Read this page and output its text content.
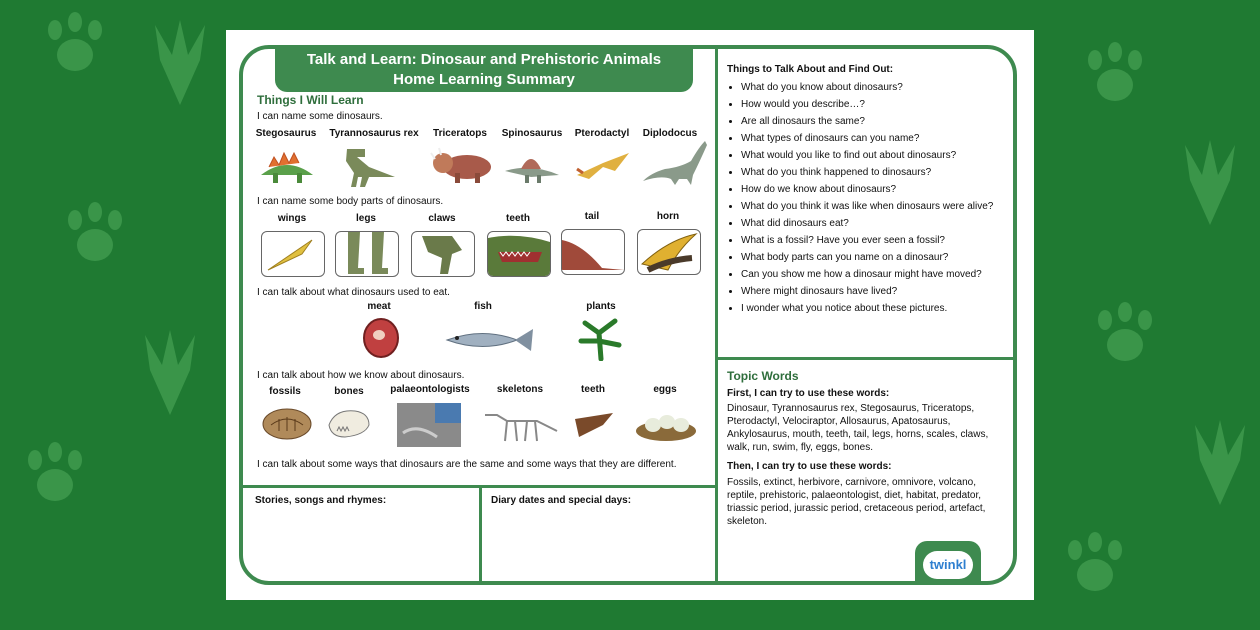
Talk and Learn: Dinosaur and Prehistoric Animals
Home Learning Summary
Things I Will Learn
I can name some dinosaurs.
Stegosaurus	Tyrannosaurus rex	Triceratops	Spinosaurus	Pterodactyl	Diplodocus
I can name some body parts of dinosaurs.
wings	legs	claws	teeth	tail	horn
I can talk about what dinosaurs used to eat.
meat	fish	plants
I can talk about how we know about dinosaurs.
fossils	bones	palaeontologists	skeletons	teeth	eggs
I can talk about some ways that dinosaurs are the same and some ways that they are different.
Stories, songs and rhymes:	Diary dates and special days:
Things to Talk About and Find Out:
• What do you know about dinosaurs?
• How would you describe…?
• Are all dinosaurs the same?
• What types of dinosaurs can you name?
• What would you like to find out about dinosaurs?
• What do you think happened to dinosaurs?
• How do we know about dinosaurs?
• What do you think it was like when dinosaurs were alive?
• What did dinosaurs eat?
• What is a fossil? Have you ever seen a fossil?
• What body parts can you name on a dinosaur?
• Can you show me how a dinosaur might have moved?
• Where might dinosaurs have lived?
• I wonder what you notice about these pictures.
Topic Words
First, I can try to use these words:
Dinosaur, Tyrannosaurus rex, Stegosaurus, Triceratops, Pterodactyl, Velociraptor, Allosaurus, Apatosaurus, Ankylosaurus, mouth, teeth, tail, legs, horns, scales, claws, walk, run, swim, fly, eggs, bones.
Then, I can try to use these words:
Fossils, extinct, herbivore, carnivore, omnivore, volcano, reptile, prehistoric, palaeontologist, diet, habitat, predator, triassic period, jurassic period, cretaceous period, artefact, skeleton.
twinkl
